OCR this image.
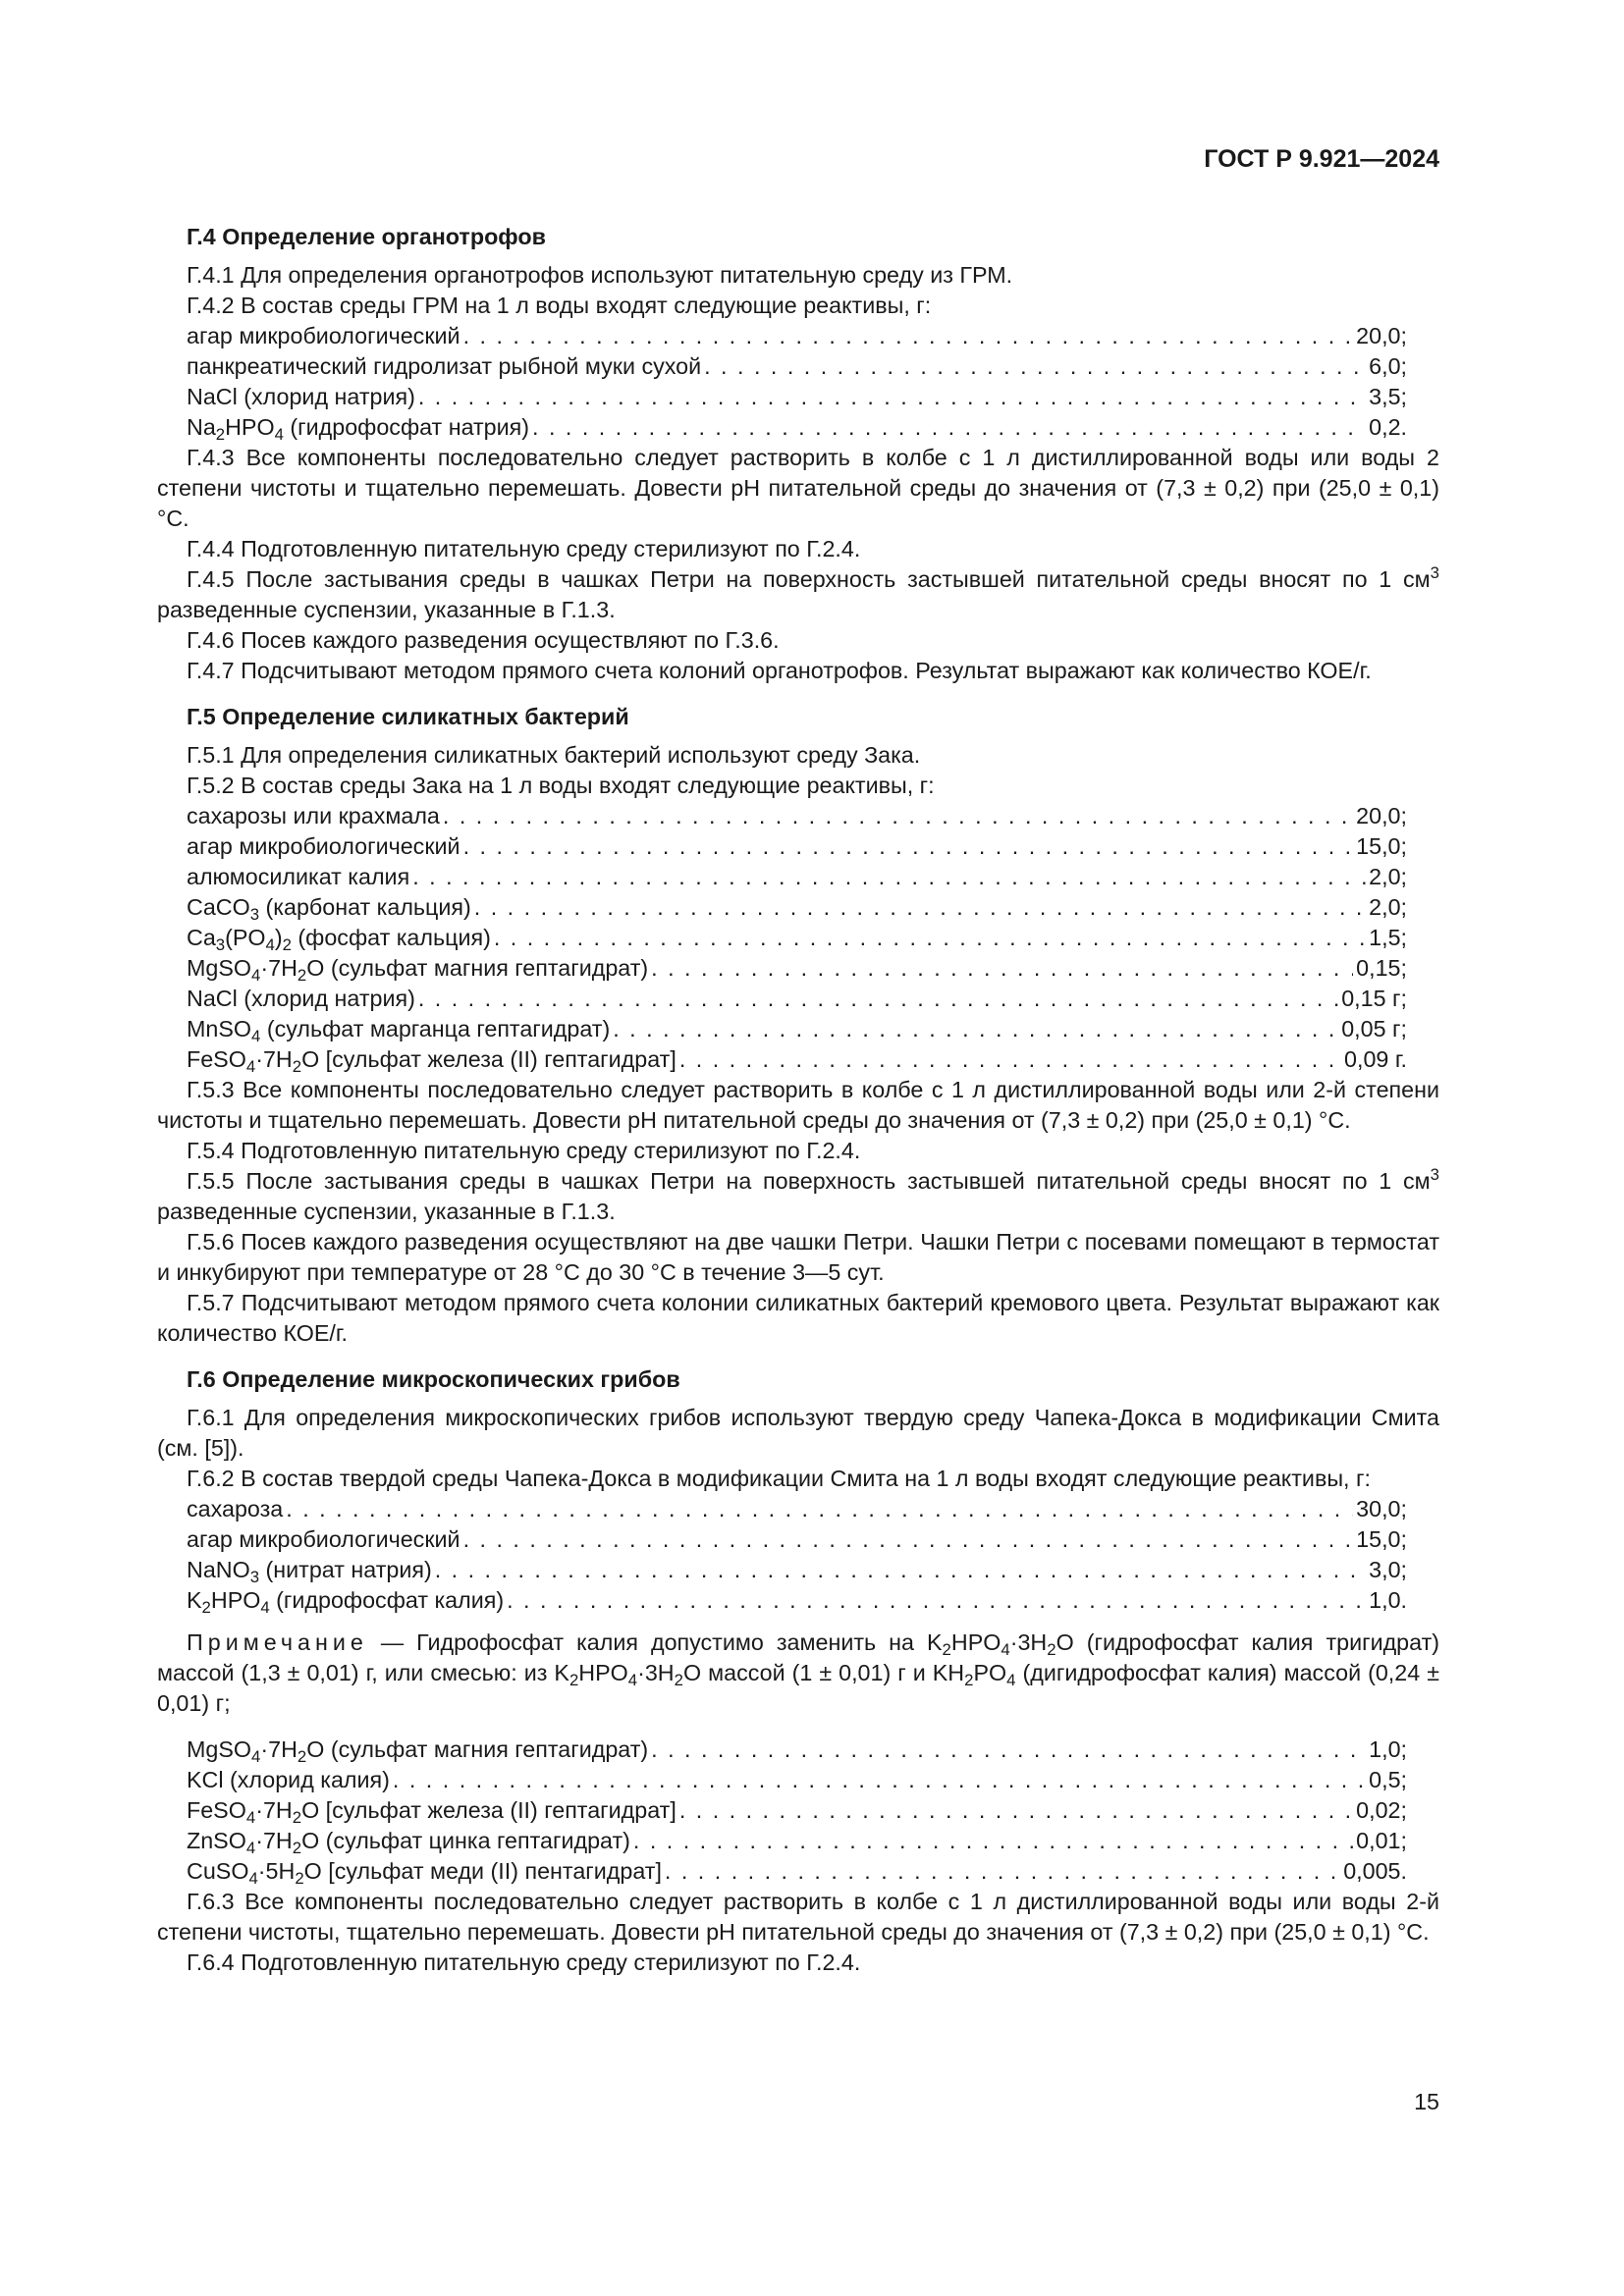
ГОСТ Р 9.921—2024

Г.4 Определение органотрофов

Г.4.1 Для определения органотрофов используют питательную среду из ГРМ.

Г.4.2 В состав среды ГРМ на 1 л воды входят следующие реактивы, г:

агар микробиологический . . .	20,0;
панкреатический гидролизат рыбной муки сухой . . .	6,0;
NaCl (хлорид натрия) . . .	3,5;
$Na_2HPO_4$ (гидрофосфат натрия) . . .	0,2.

Г.4.3 Все компоненты последовательно следует растворить в колбе с 1 л дистиллированной воды или воды 2 степени чистоты и тщательно перемешать. Довести pH питательной среды до значения от (7,3 ± 0,2) при (25,0 ± 0,1) °С.

Г.4.4 Подготовленную питательную среду стерилизуют по Г.2.4.

Г.4.5 После застывания среды в чашках Петри на поверхность застывшей питательной среды вносят по 1 $см^3$ разведенные суспензии, указанные в Г.1.3.

Г.4.6 Посев каждого разведения осуществляют по Г.3.6.

Г.4.7 Подсчитывают методом прямого счета колоний органотрофов. Результат выражают как количество КОЕ/г.

Г.5 Определение силикатных бактерий

Г.5.1 Для определения силикатных бактерий используют среду Зака.

Г.5.2 В состав среды Зака на 1 л воды входят следующие реактивы, г:

сахарозы или крахмала . . .	20,0;
агар микробиологический . . .	15,0;
алюмосиликат калия . . .	2,0;
CaCO$_3$ (карбонат кальция) . . .	2,0;
$Ca_3(PO_4)_2$ (фосфат кальция) . . .	1,5;
$MgSO_4\cdot 7H_2O$ (сульфат магния гептагидрат) . . .	0,15;
NaCl (хлорид натрия) . . .	0,15 г;
MnSO$_4$ (сульфат марганца гептагидрат) . . .	0,05 г;
$FeSO_4\cdot 7H_2O$ [сульфат железа (II) гептагидрат] . . .	0,09 г.

Г.5.3 Все компоненты последовательно следует растворить в колбе с 1 л дистиллированной воды или 2-й степени чистоты и тщательно перемешать. Довести pH питательной среды до значения от (7,3 ± 0,2) при (25,0 ± 0,1) °С.

Г.5.4 Подготовленную питательную среду стерилизуют по Г.2.4.

Г.5.5 После застывания среды в чашках Петри на поверхность застывшей питательной среды вносят по 1 $см^3$ разведенные суспензии, указанные в Г.1.3.

Г.5.6 Посев каждого разведения осуществляют на две чашки Петри. Чашки Петри с посевами помещают в термостат и инкубируют при температуре от 28 °С до 30 °С в течение 3—5 сут.

Г.5.7 Подсчитывают методом прямого счета колонии силикатных бактерий кремового цвета. Результат выражают как количество КОЕ/г.

Г.6 Определение микроскопических грибов

Г.6.1 Для определения микроскопических грибов используют твердую среду Чапека-Докса в модификации Смита (см. [5]).

Г.6.2 В состав твердой среды Чапека-Докса в модификации Смита на 1 л воды входят следующие реактивы, г:

сахароза . . .	30,0;
агар микробиологический . . .	15,0;
NaNO$_3$ (нитрат натрия) . . .	3,0;
$K_2HPO_4$ (гидрофосфат калия) . . .	1,0.

Примечание — Гидрофосфат калия допустимо заменить на $K_2HPO_4\cdot 3H_2O$ (гидрофосфат калия тригидрат) массой (1,3 ± 0,01) г, или смесью: из $K_2HPO_4\cdot 3H_2O$ массой (1 ± 0,01) г и $KH_2PO_4$ (дигидрофосфат калия) массой (0,24 ± 0,01) г;

$MgSO_4\cdot 7H_2O$ (сульфат магния гептагидрат) . . .	1,0;
KCl (хлорид калия) . . .	0,5;
$FeSO_4\cdot 7H_2O$ [сульфат железа (II) гептагидрат] . . .	0,02;
$ZnSO_4\cdot 7H_2O$ (сульфат цинка гептагидрат) . . .	0,01;
$CuSO_4\cdot 5H_2O$ [сульфат меди (II) пентагидрат] . . .	0,005.

Г.6.3 Все компоненты последовательно следует растворить в колбе с 1 л дистиллированной воды или воды 2-й степени чистоты, тщательно перемешать. Довести pH питательной среды до значения от (7,3 ± 0,2) при (25,0 ± 0,1) °С.

Г.6.4 Подготовленную питательную среду стерилизуют по Г.2.4.

15
